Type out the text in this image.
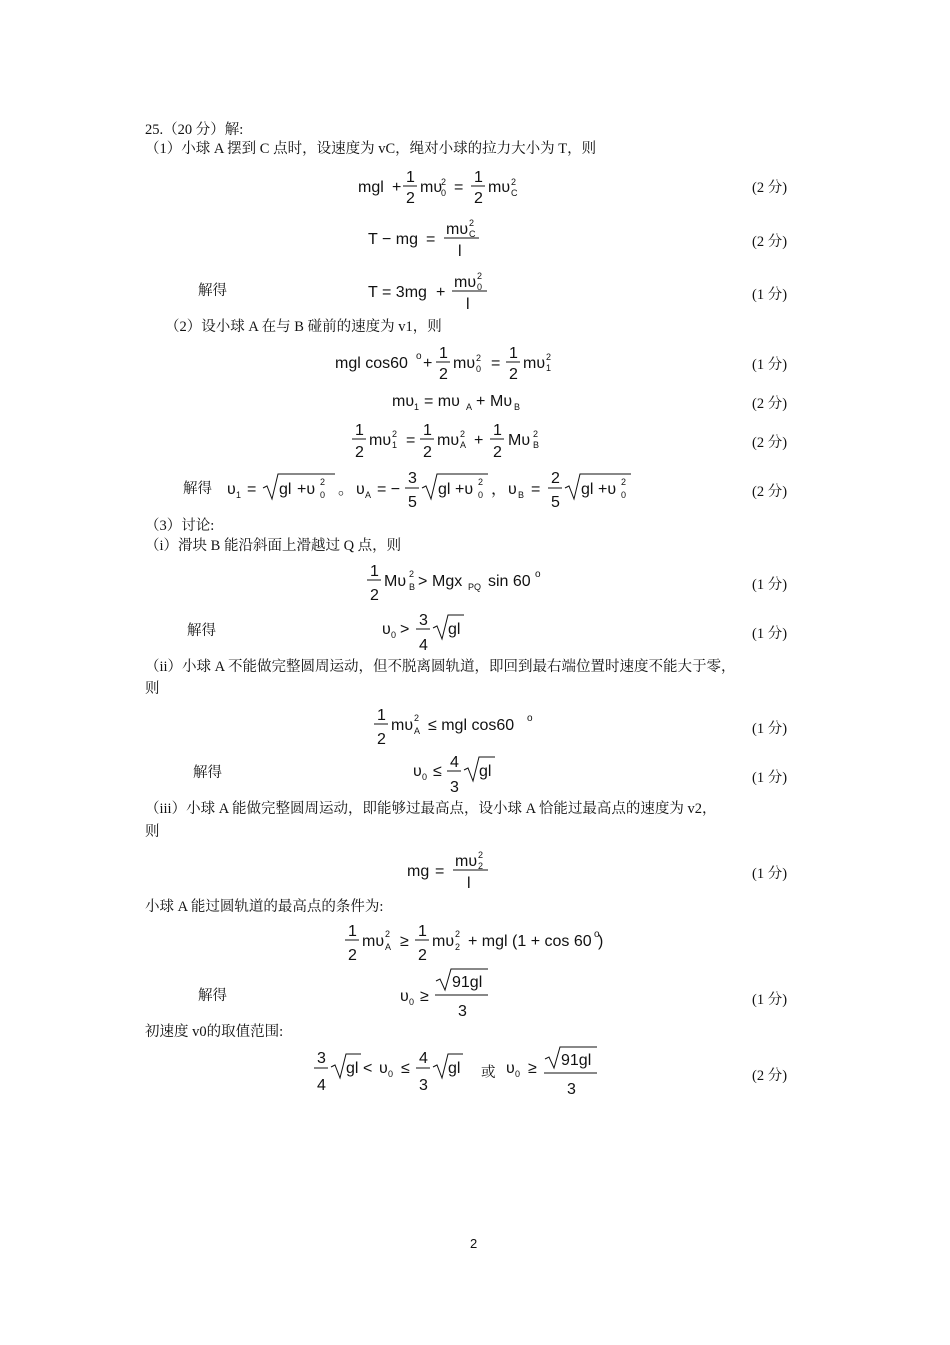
25.（20 分）解:
（1）小球 A 摆到 C 点时，设速度为 vC，绳对小球的拉力大小为 T，则
mgl +
1
2
mυ
2
0 =
1
2
mυ 2
C	(2 分)
T − mg =
mυ 2
C
l
(2 分)
解得	T = 3mg +
mυ 2
0
l
(1 分)
（2）设小球 A 在与 B 碰前的速度为 v1，则
mgl cos60 o +
1
2
mυ 2
0 =
1
2
mυ 2
1	(1 分)
mυ 1 = mυ A + Mυ B	(2 分)
1
2
mυ 2
1 =
1
2
mυ 2
A +
1
2
Mυ 2
B	(2 分)
解得 υ 1 = gl +υ 2
0 。 υ A = −
3
5
gl +υ 2
0 ， υ B =
2
5
gl +υ 2
0	(2 分)
（3）讨论:
（i）滑块 B 能沿斜面上滑越过 Q 点，则
1
2
Mυ 2
B > Mgx PQ sin 60 o
(1 分)
解得	υ 0 >
3
4
gl	(1 分)
（ii）小球 A 不能做完整圆周运动，但不脱离圆轨道，即回到最右端位置时速度不能大于零，
则
1
2
mυ 2
A ≤ mgl cos60 o
(1 分)
解得	υ 0 ≤
4
3
gl	(1 分)
（iii）小球 A 能做完整圆周运动，即能够过最高点，设小球 A 恰能过最高点的速度为 v2，
则
mg =
mυ 2
2
l
(1 分)
小球 A 能过圆轨道的最高点的条件为:
1
2
mυ 2
A ≥
1
2
mυ 2
2 + mgl (1 + cos 60 o
)
解得	υ 0 ≥
91gl
3
(1 分)
初速度 v0的取值范围:
3
4
gl < υ 0 ≤
4
3
gl	υ 0 ≥ 91gl
3
或	(2 分)
2
